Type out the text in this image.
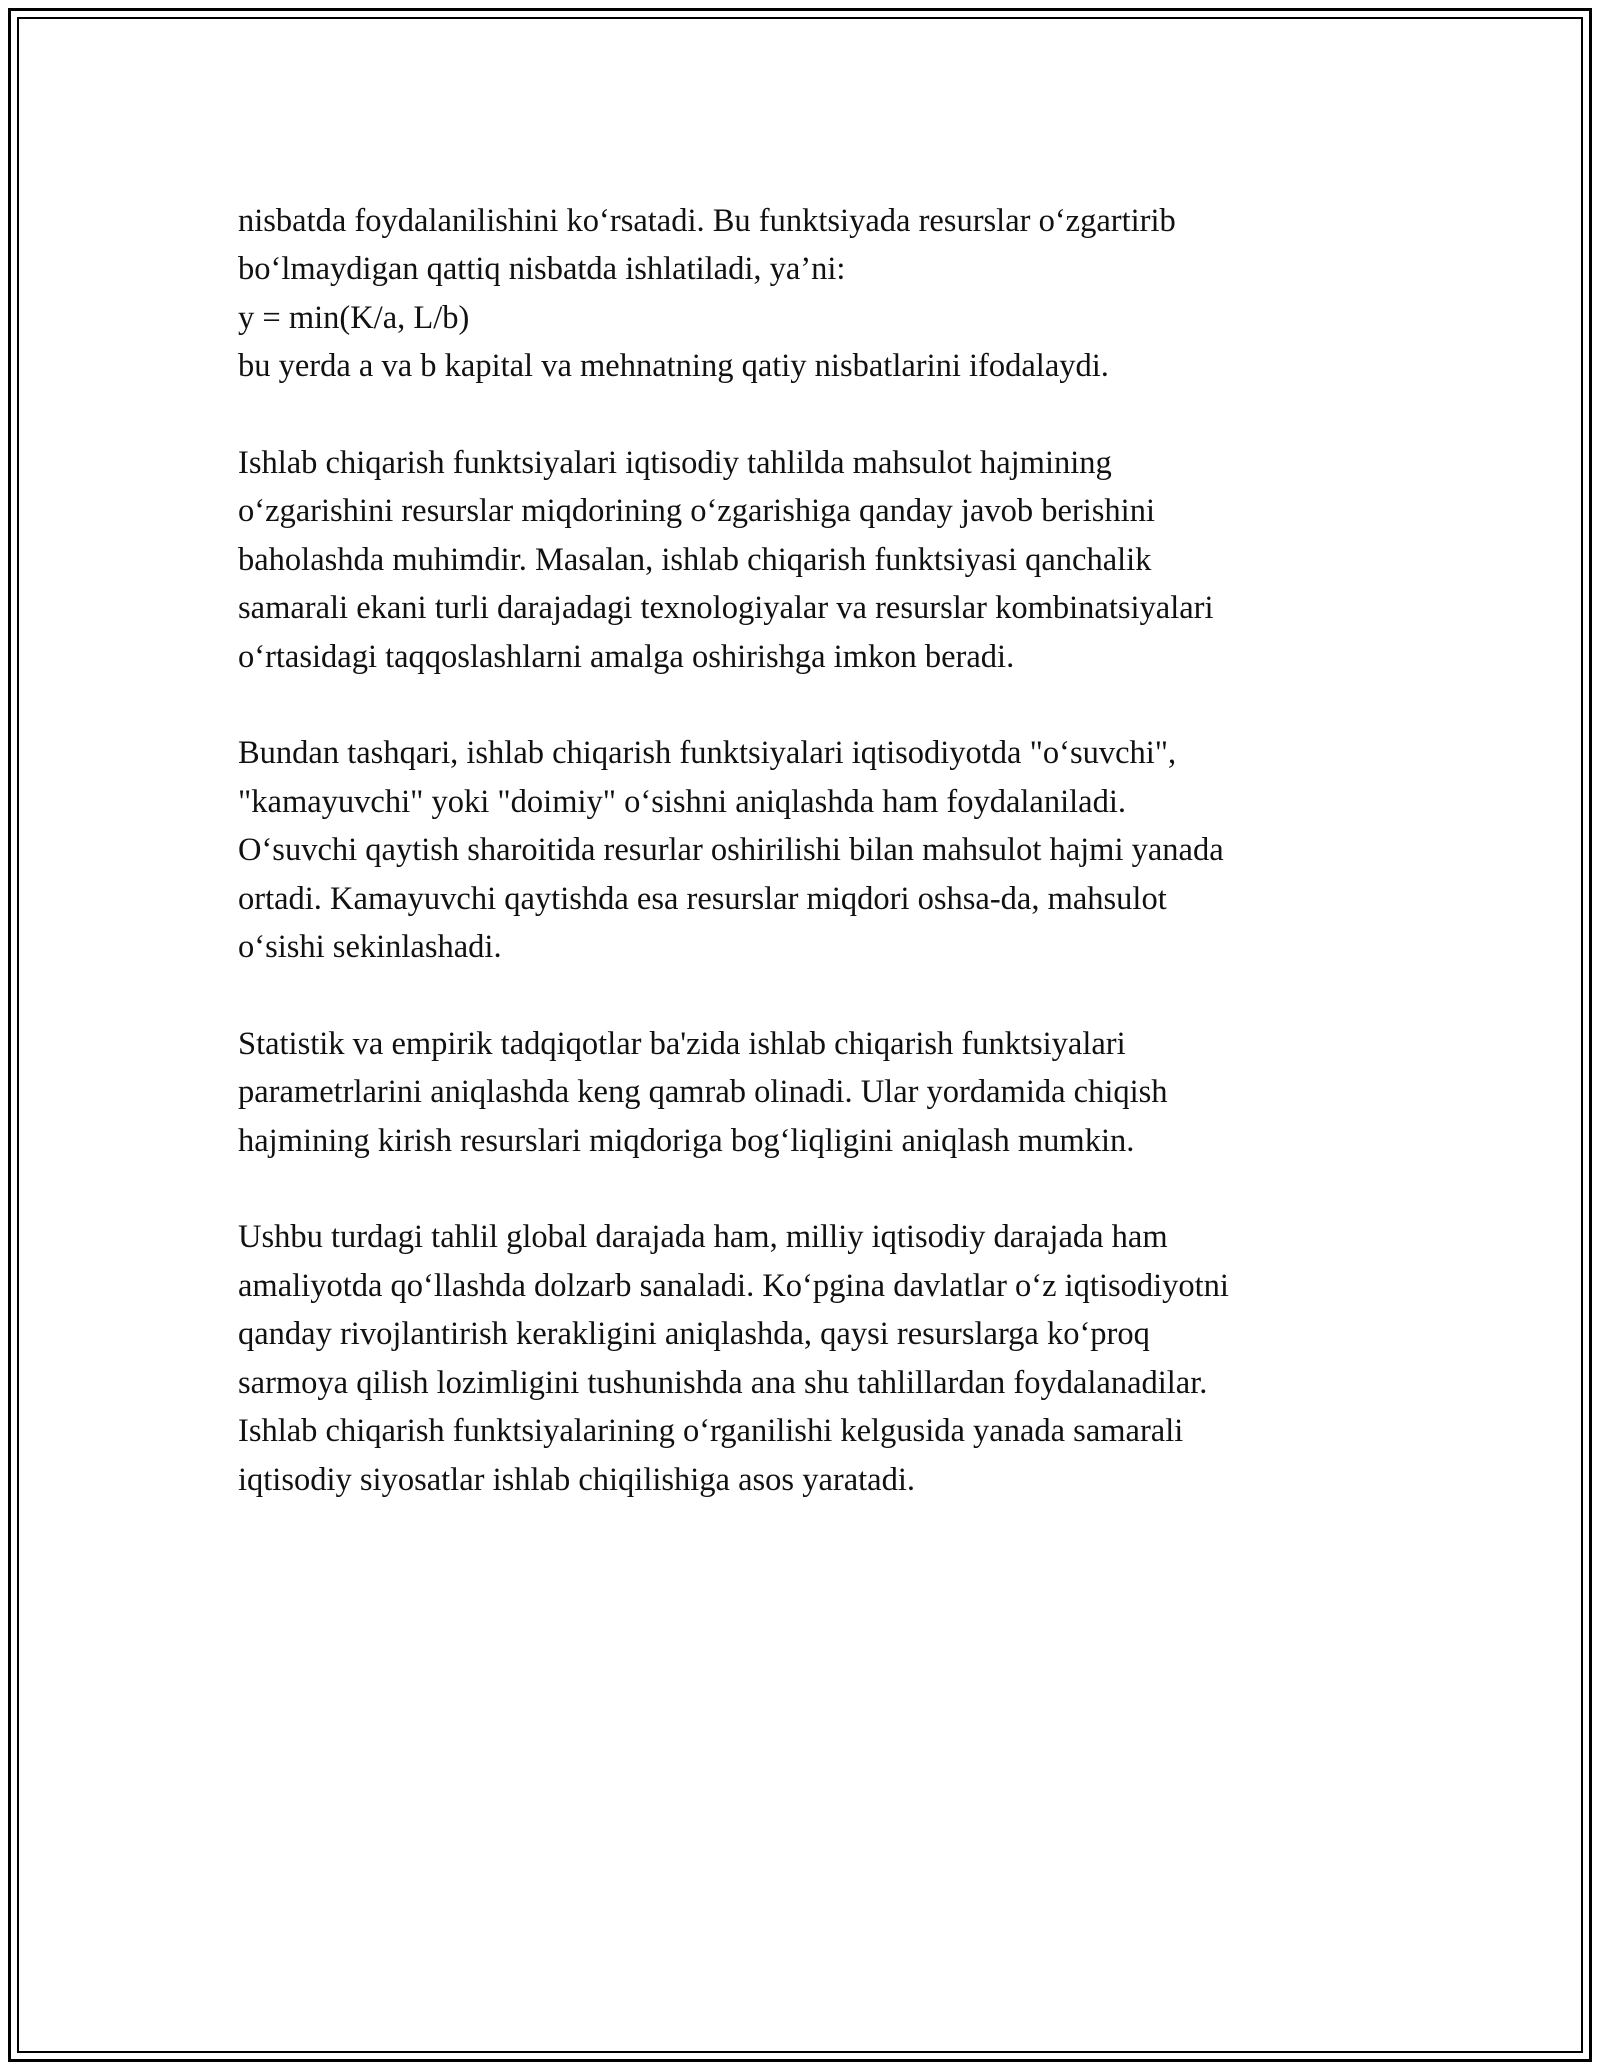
nisbatda foydalanilishini ko‘rsatadi. Bu funktsiyada resurslar o‘zgartirib
bo‘lmaydigan qattiq nisbatda ishlatiladi, ya’ni:
y = min(K/a, L/b)
bu yerda a va b kapital va mehnatning qatiy nisbatlarini ifodalaydi.

Ishlab chiqarish funktsiyalari iqtisodiy tahlilda mahsulot hajmining
o‘zgarishini resurslar miqdorining o‘zgarishiga qanday javob berishini
baholashda muhimdir. Masalan, ishlab chiqarish funktsiyasi qanchalik
samarali ekani turli darajadagi texnologiyalar va resurslar kombinatsiyalari
o‘rtasidagi taqqoslashlarni amalga oshirishga imkon beradi.

Bundan tashqari, ishlab chiqarish funktsiyalari iqtisodiyotda "o‘suvchi",
"kamayuvchi" yoki "doimiy" o‘sishni aniqlashda ham foydalaniladi.
O‘suvchi qaytish sharoitida resurlar oshirilishi bilan mahsulot hajmi yanada
ortadi. Kamayuvchi qaytishda esa resurslar miqdori oshsa-da, mahsulot
o‘sishi sekinlashadi.

Statistik va empirik tadqiqotlar ba'zida ishlab chiqarish funktsiyalari
parametrlarini aniqlashda keng qamrab olinadi. Ular yordamida chiqish
hajmining kirish resurslari miqdoriga bog‘liqligini aniqlash mumkin.

Ushbu turdagi tahlil global darajada ham, milliy iqtisodiy darajada ham
amaliyotda qo‘llashda dolzarb sanaladi. Ko‘pgina davlatlar o‘z iqtisodiyotni
qanday rivojlantirish kerakligini aniqlashda, qaysi resurslarga ko‘proq
sarmoya qilish lozimligini tushunishda ana shu tahlillardan foydalanadilar.
Ishlab chiqarish funktsiyalarining o‘rganilishi kelgusida yanada samarali
iqtisodiy siyosatlar ishlab chiqilishiga asos yaratadi.
